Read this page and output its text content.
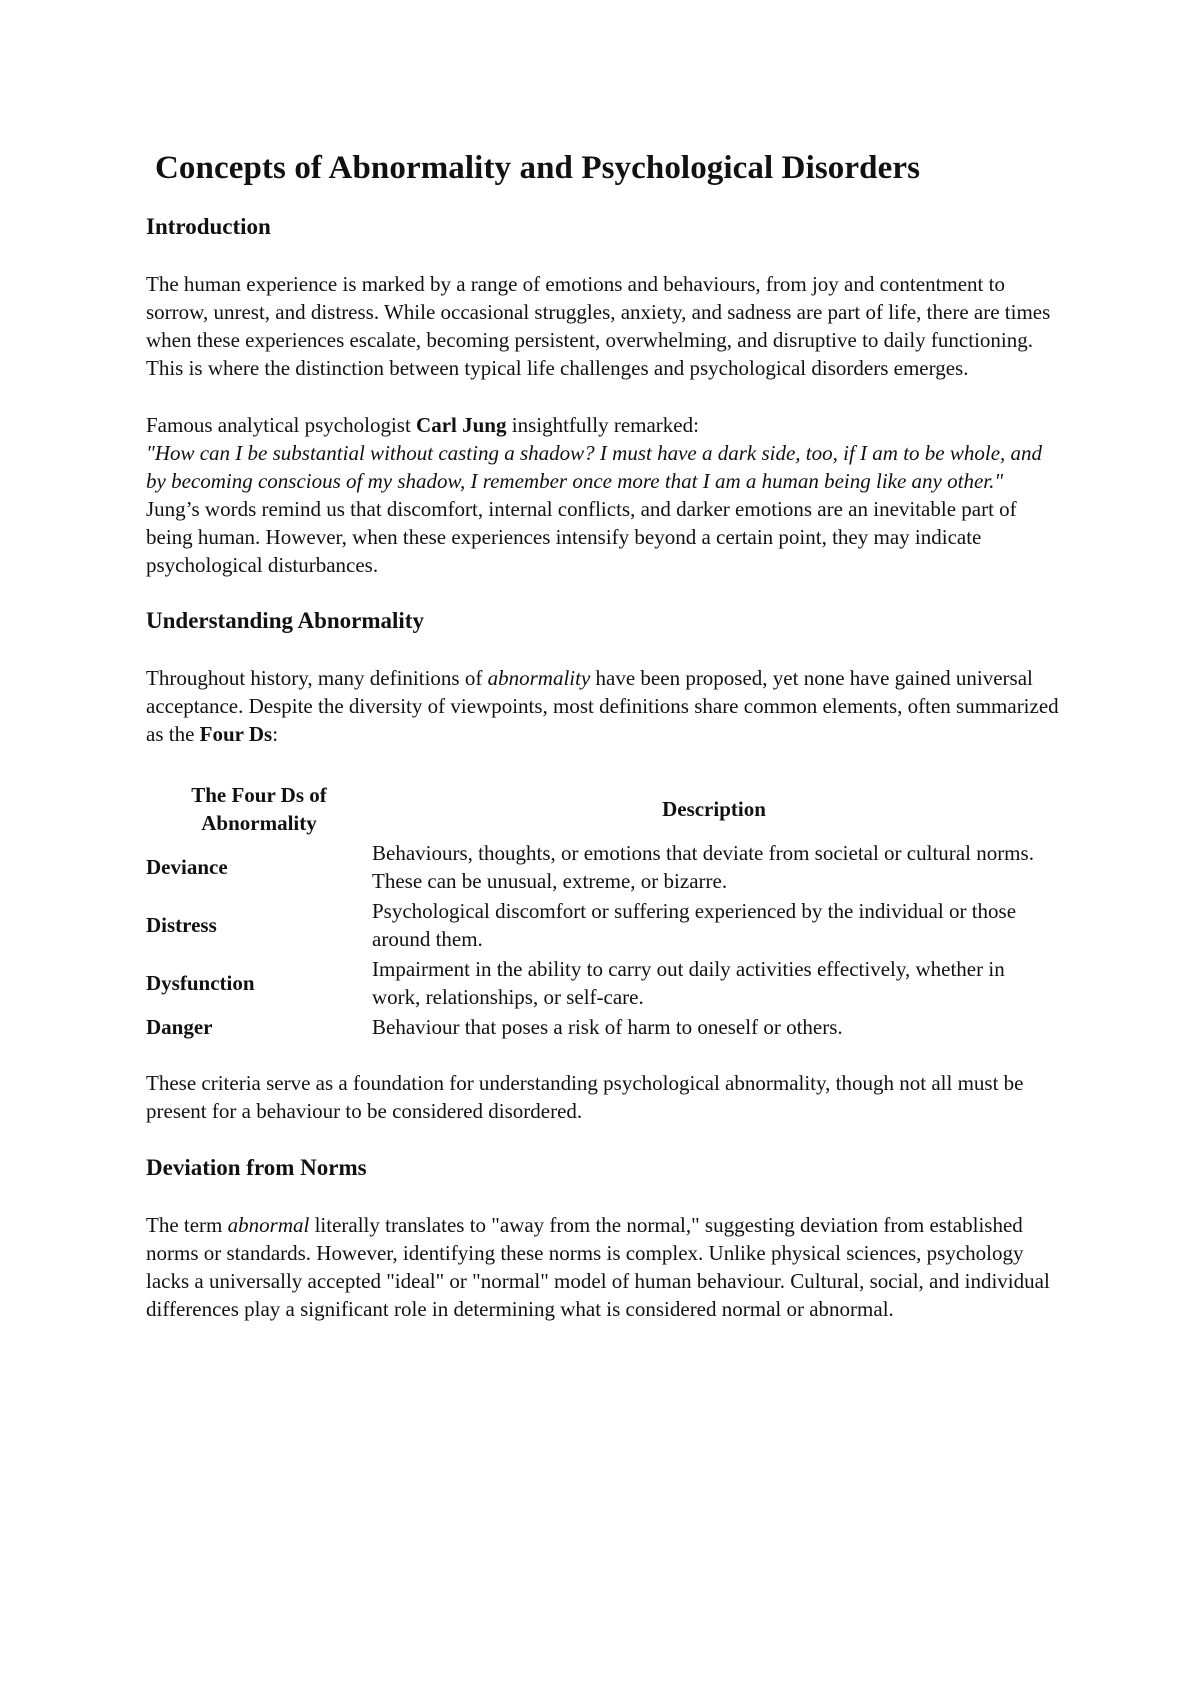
Concepts of Abnormality and Psychological Disorders
Introduction

The human experience is marked by a range of emotions and behaviours, from joy and contentment to sorrow, unrest, and distress. While occasional struggles, anxiety, and sadness are part of life, there are times when these experiences escalate, becoming persistent, overwhelming, and disruptive to daily functioning. This is where the distinction between typical life challenges and psychological disorders emerges.

Famous analytical psychologist Carl Jung insightfully remarked:
"How can I be substantial without casting a shadow? I must have a dark side, too, if I am to be whole, and by becoming conscious of my shadow, I remember once more that I am a human being like any other."
Jung’s words remind us that discomfort, internal conflicts, and darker emotions are an inevitable part of being human. However, when these experiences intensify beyond a certain point, they may indicate psychological disturbances.

Understanding Abnormality

Throughout history, many definitions of abnormality have been proposed, yet none have gained universal acceptance. Despite the diversity of viewpoints, most definitions share common elements, often summarized as the Four Ds:

The Four Ds of Abnormality	Description
Deviance	Behaviours, thoughts, or emotions that deviate from societal or cultural norms. These can be unusual, extreme, or bizarre.
Distress	Psychological discomfort or suffering experienced by the individual or those around them.
Dysfunction	Impairment in the ability to carry out daily activities effectively, whether in work, relationships, or self-care.
Danger	Behaviour that poses a risk of harm to oneself or others.

These criteria serve as a foundation for understanding psychological abnormality, though not all must be present for a behaviour to be considered disordered.

Deviation from Norms

The term abnormal literally translates to "away from the normal," suggesting deviation from established norms or standards. However, identifying these norms is complex. Unlike physical sciences, psychology lacks a universally accepted "ideal" or "normal" model of human behaviour. Cultural, social, and individual differences play a significant role in determining what is considered normal or abnormal.
